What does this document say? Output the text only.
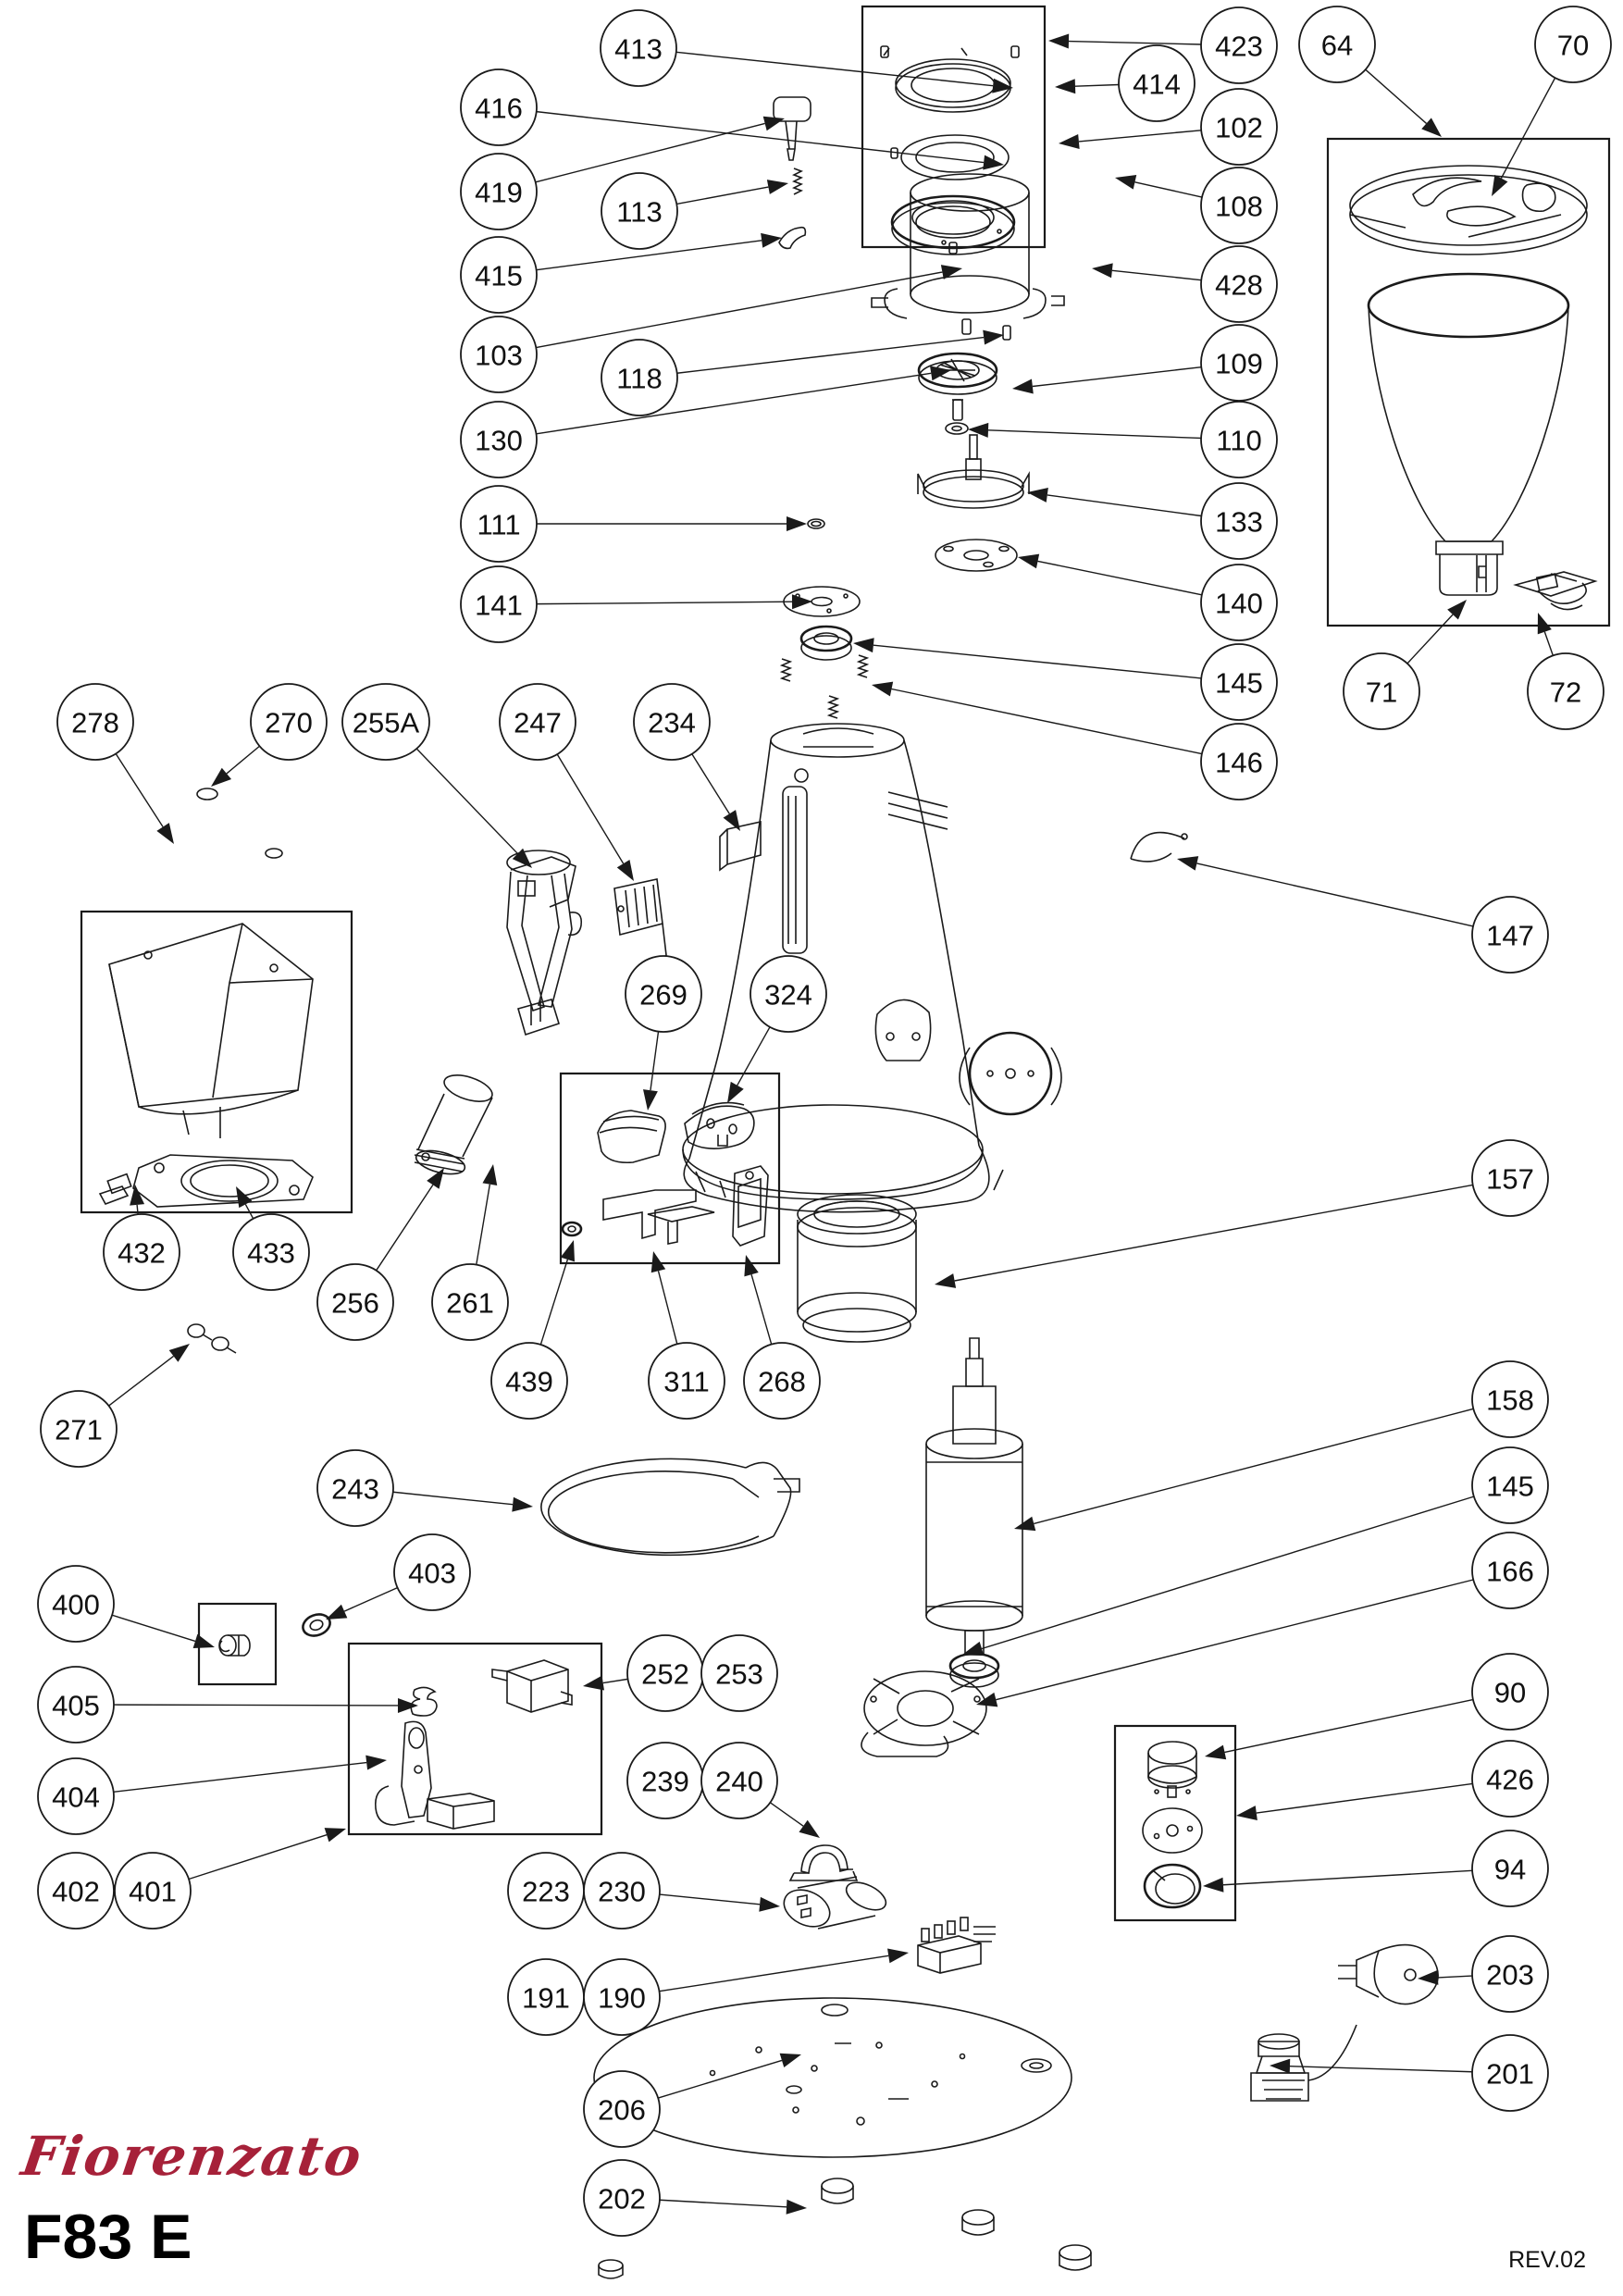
413
416
419
113
415
103
118
130
111
141
423
414
102
108
428
109
110
133
140
145
146
64	70
71	72
278	270 255A	247	234
269	324
147
157
432	433
256 261
439	311 268
271
243
158
145
166
403
400
405
404
402 401
252 253
239 240
90
426
223 230
94
191 190
203
206
201
202
Fiorenzato
F83 E	REV.02
